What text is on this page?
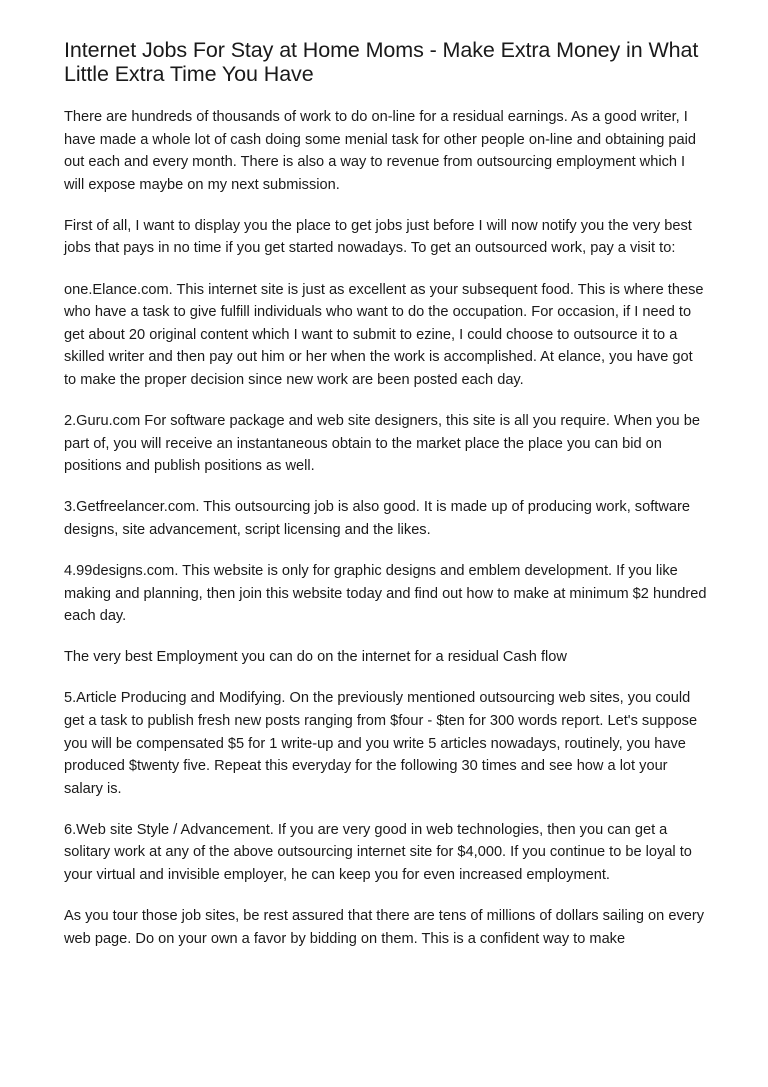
Internet Jobs For Stay at Home Moms - Make Extra Money in What Little Extra Time You Have

There are hundreds of thousands of work to do on-line for a residual earnings. As a good writer, I have made a whole lot of cash doing some menial task for other people on-line and obtaining paid out each and every month. There is also a way to revenue from outsourcing employment which I will expose maybe on my next submission.

First of all, I want to display you the place to get jobs just before I will now notify you the very best jobs that pays in no time if you get started nowadays. To get an outsourced work, pay a visit to:

one.Elance.com. This internet site is just as excellent as your subsequent food. This is where these who have a task to give fulfill individuals who want to do the occupation. For occasion, if I need to get about 20 original content which I want to submit to ezine, I could choose to outsource it to a skilled writer and then pay out him or her when the work is accomplished. At elance, you have got to make the proper decision since new work are been posted each day.

2.Guru.com For software package and web site designers, this site is all you require. When you be part of, you will receive an instantaneous obtain to the market place the place you can bid on positions and publish positions as well.

3.Getfreelancer.com. This outsourcing job is also good. It is made up of producing work, software designs, site advancement, script licensing and the likes.

4.99designs.com. This website is only for graphic designs and emblem development. If you like making and planning, then join this website today and find out how to make at minimum $2 hundred each day.

The very best Employment you can do on the internet for a residual Cash flow

5.Article Producing and Modifying. On the previously mentioned outsourcing web sites, you could get a task to publish fresh new posts ranging from $four - $ten for 300 words report. Let's suppose you will be compensated $5 for 1 write-up and you write 5 articles nowadays, routinely, you have produced $twenty five. Repeat this everyday for the following 30 times and see how a lot your salary is.

6.Web site Style / Advancement. If you are very good in web technologies, then you can get a solitary work at any of the above outsourcing internet site for $4,000. If you continue to be loyal to your virtual and invisible employer, he can keep you for even increased employment.

As you tour those job sites, be rest assured that there are tens of millions of dollars sailing on every web page. Do on your own a favor by bidding on them. This is a confident way to make
